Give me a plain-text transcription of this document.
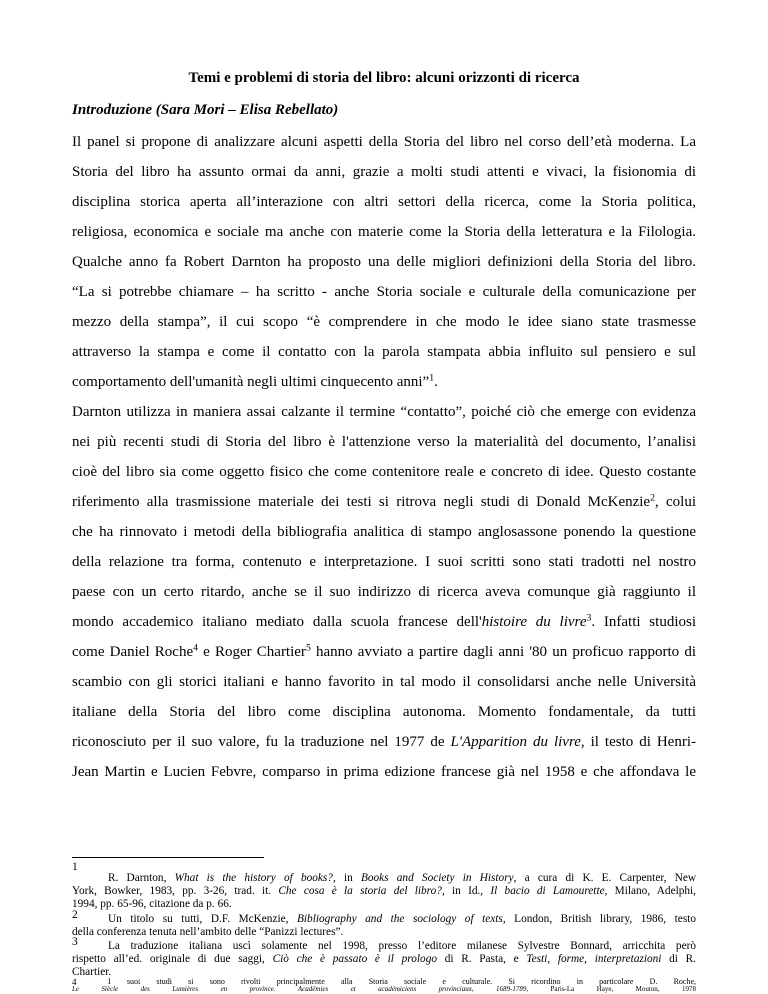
Temi e problemi di storia del libro: alcuni orizzonti di ricerca
Introduzione (Sara Mori – Elisa Rebellato)
Il panel si propone di analizzare alcuni aspetti della Storia del libro nel corso dell’età moderna. La
Storia del libro ha assunto ormai da anni, grazie a molti studi attenti e vivaci, la fisionomia di
disciplina storica aperta all’interazione con altri settori della ricerca, come la Storia politica,
religiosa, economica e sociale ma anche con materie come la Storia della letteratura e la Filologia.
Qualche anno fa Robert Darnton ha proposto una delle migliori definizioni della Storia del libro.
“La si potrebbe chiamare – ha scritto - anche Storia sociale e culturale della comunicazione per
mezzo della stampa”, il cui scopo “è comprendere in che modo le idee siano state trasmesse
attraverso la stampa e come il contatto con la parola stampata abbia influito sul pensiero e sul
comportamento dell'umanità negli ultimi cinquecento anni”$^1$.
Darnton utilizza in maniera assai calzante il termine “contatto”, poiché ciò che emerge con evidenza
nei più recenti studi di Storia del libro è l'attenzione verso la materialità del documento, l’analisi
cioè del libro sia come oggetto fisico che come contenitore reale e concreto di idee. Questo costante
riferimento alla trasmissione materiale dei testi si ritrova negli studi di Donald McKenzie$^2$, colui
che ha rinnovato i metodi della bibliografia analitica di stampo anglosassone ponendo la questione
della relazione tra forma, contenuto e interpretazione. I suoi scritti sono stati tradotti nel nostro
paese con un certo ritardo, anche se il suo indirizzo di ricerca aveva comunque già raggiunto il
mondo accademico italiano mediato dalla scuola francese dell'histoire du livre$^3$. Infatti studiosi
come Daniel Roche$^4$ e Roger Chartier$^5$ hanno avviato a partire dagli anni '80 un proficuo rapporto di
scambio con gli storici italiani e hanno favorito in tal modo il consolidarsi anche nelle Università
italiane della Storia del libro come disciplina autonoma. Momento fondamentale, da tutti
riconosciuto per il suo valore, fu la traduzione nel 1977 de L'Apparition du livre, il testo di Henri-
Jean Martin e Lucien Febvre, comparso in prima edizione francese già nel 1958 e che affondava le
1
R. Darnton, What is the history of books?, in Books and Society in History, a cura di K. E. Carpenter, New
York, Bowker, 1983, pp. 3-26, trad. it. Che cosa è la storia del libro?, in Id., Il bacio di Lamourette, Milano, Adelphi,
1994, pp. 65-96, citazione da p. 66.
2	Un titolo su tutti, D.F. McKenzie, Bibliography and the sociology of texts, London, British library, 1986, testo
della conferenza tenuta nell’ambito delle “Panizzi lectures”.
3	La traduzione italiana uscì solamente nel 1998, presso l’editore milanese Sylvestre Bonnard, arricchita però
rispetto all’ed. originale di due saggi, Ciò che è passato è il prologo di R. Pasta, e Testi, forme, interpretazioni di R.
Chartier.
4	I suoi studi si sono rivolti principalmente alla Storia sociale e culturale. Si ricordino in particolare D. Roche,
Le Siècle des Lumières en province. Académies et académiciens provinciaux, 1689-1789, Paris-La Haye, Mouton, 1978
e Id., Le Peuple de Paris. Essai sur la culture populaire au XVIII siècle, Paris, Aubier, 1981.
5 Lo storico francese, oltre ad aver diretto con Henri-Jean Martin i quattro volumi dell’enciclopedica Histoire de
l’édition française, Paris, Fayard-Cercle de la librairie, 1983-1986, ha stimolato la riflessione sulle pratiche di lettura
(Lectures et lecteurs dans la France d’Ancien Régime, Paris, Éditions du Seuil, 1987).
